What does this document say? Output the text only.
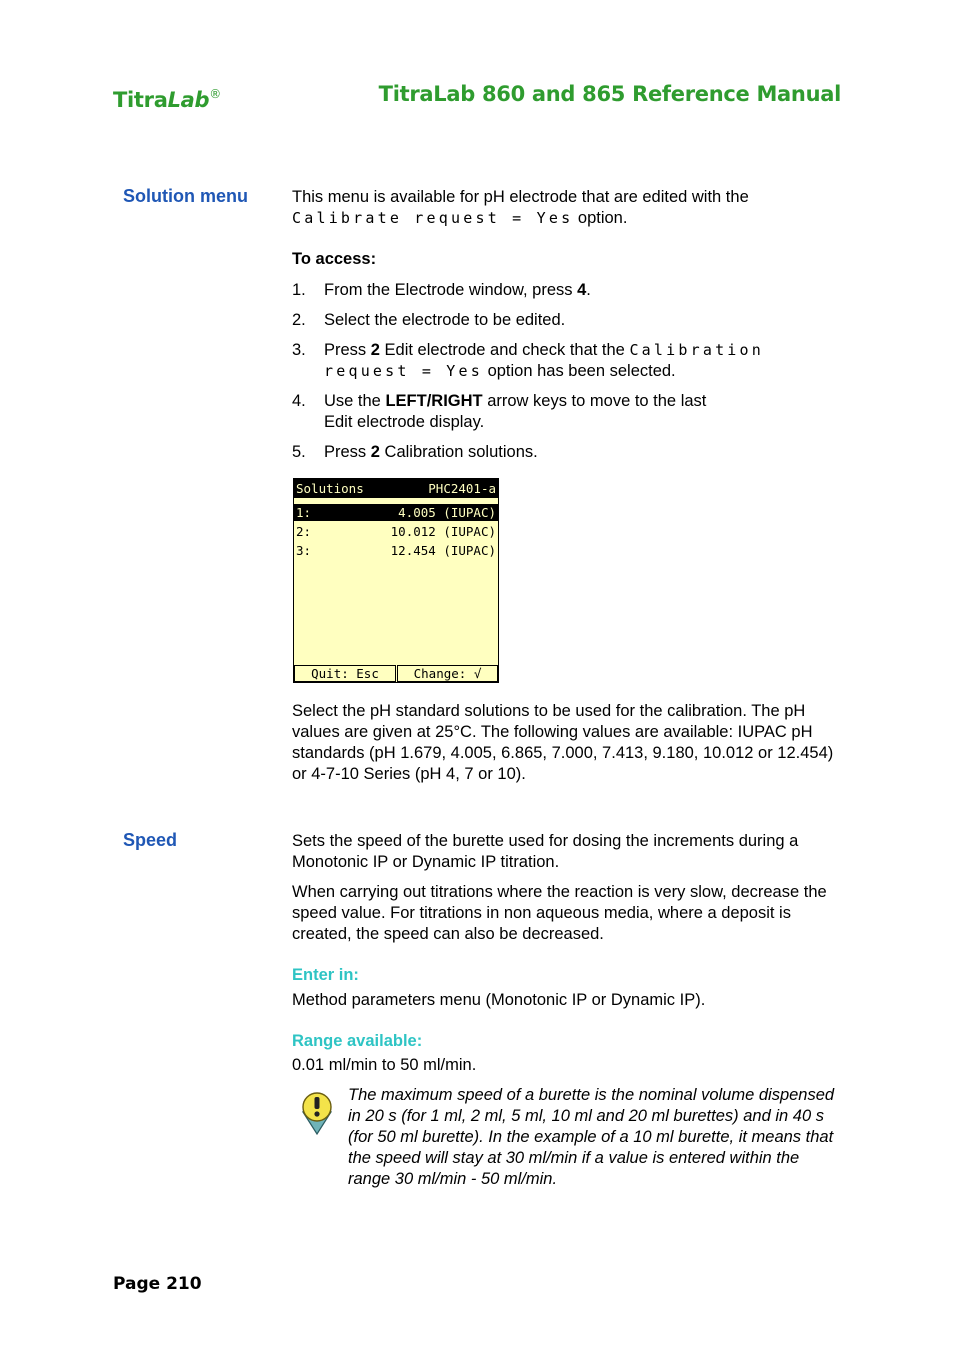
TitraLab®	TitraLab 860 and 865 Reference Manual
Solution menu	This menu is available for pH electrode that are edited with the
Calibrate request = Yes option.

To access:
1. From the Electrode window, press 4.
2. Select the electrode to be edited.
3. Press 2 Edit electrode and check that the Calibration
request = Yes option has been selected.
4. Use the LEFT/RIGHT arrow keys to move to the last
Edit electrode display.
5. Press 2 Calibration solutions.
Solutions	PHC2401-a
1:	4.005 (IUPAC)
2:	10.012 (IUPAC)
3:	12.454 (IUPAC)
Quit: Esc	Change: √
Select the pH standard solutions to be used for the calibration. The pH values are given at 25°C. The following values are available: IUPAC pH standards (pH 1.679, 4.005, 6.865, 7.000, 7.413, 9.180, 10.012 or 12.454) or 4-7-10 Series (pH 4, 7 or 10).
Speed	Sets the speed of the burette used for dosing the increments during a Monotonic IP or Dynamic IP titration.
When carrying out titrations where the reaction is very slow, decrease the speed value. For titrations in non aqueous media, where a deposit is created, the speed can also be decreased.
Enter in:
Method parameters menu (Monotonic IP or Dynamic IP).
Range available:
0.01 ml/min to 50 ml/min.
The maximum speed of a burette is the nominal volume dispensed in 20 s (for 1 ml, 2 ml, 5 ml, 10 ml and 20 ml burettes) and in 40 s (for 50 ml burette). In the example of a 10 ml burette, it means that the speed will stay at 30 ml/min if a value is entered within the range 30 ml/min - 50 ml/min.
Page 210
